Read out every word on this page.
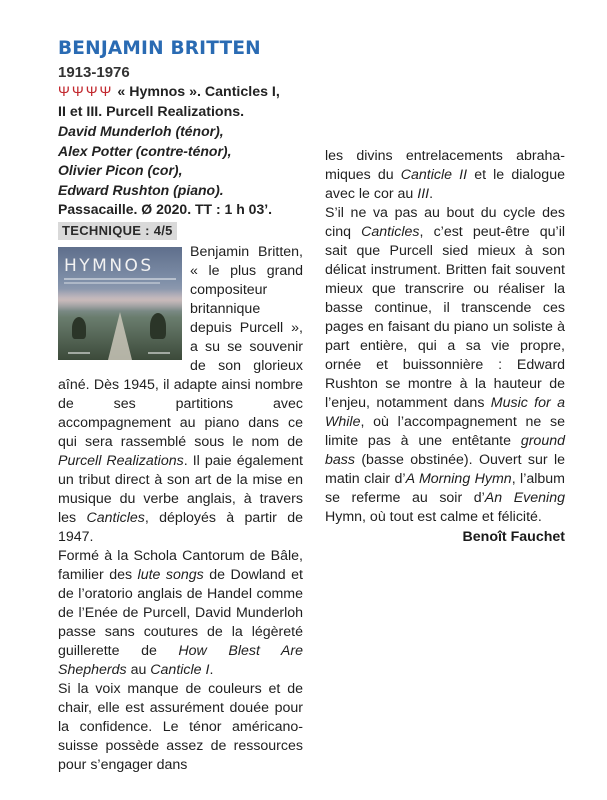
BENJAMIN BRITTEN
1913-1976
ΨΨΨΨ « Hymnos ». Canticles I,
II et III. Purcell Realizations.
David Munderloh (ténor),
Alex Potter (contre-ténor),
Olivier Picon (cor),
Edward Rushton (piano).
Passacaille. Ø 2020. TT : 1 h 03’.
TECHNIQUE : 4/5
HYMNOS

Benjamin Britten, « le plus grand compositeur britannique depuis Purcell », a su se souvenir de son glorieux aîné. Dès 1945, il adapte ainsi nombre de ses partitions avec accompagnement au piano dans ce qui sera rassemblé sous le nom de Purcell Realizations. Il paie également un tribut direct à son art de la mise en musique du verbe anglais, à travers les Canticles, déployés à partir de 1947.

Formé à la Schola Cantorum de Bâle, familier des lute songs de Dowland et de l’oratorio anglais de Handel comme de l’Enée de Purcell, David Munderloh passe sans coutures de la légèreté guillerette de How Blest Are Shepherds au Canticle I.

Si la voix manque de couleurs et de chair, elle est assurément douée pour la confidence. Le ténor américano-suisse possède assez de ressources pour s’engager dans

les divins entrelacements abrahamiques du Canticle II et le dialogue avec le cor au III.

S’il ne va pas au bout du cycle des cinq Canticles, c’est peut-être qu’il sait que Purcell sied mieux à son délicat instrument. Britten fait souvent mieux que transcrire ou réaliser la basse continue, il transcende ces pages en faisant du piano un soliste à part entière, qui a sa vie propre, ornée et buissonnière : Edward Rushton se montre à la hauteur de l’enjeu, notamment dans Music for a While, où l’accompagnement ne se limite pas à une entêtante ground bass (basse obstinée). Ouvert sur le matin clair d’A Morning Hymn, l’album se referme au soir d’An Evening Hymn, où tout est calme et félicité.

Benoît Fauchet
